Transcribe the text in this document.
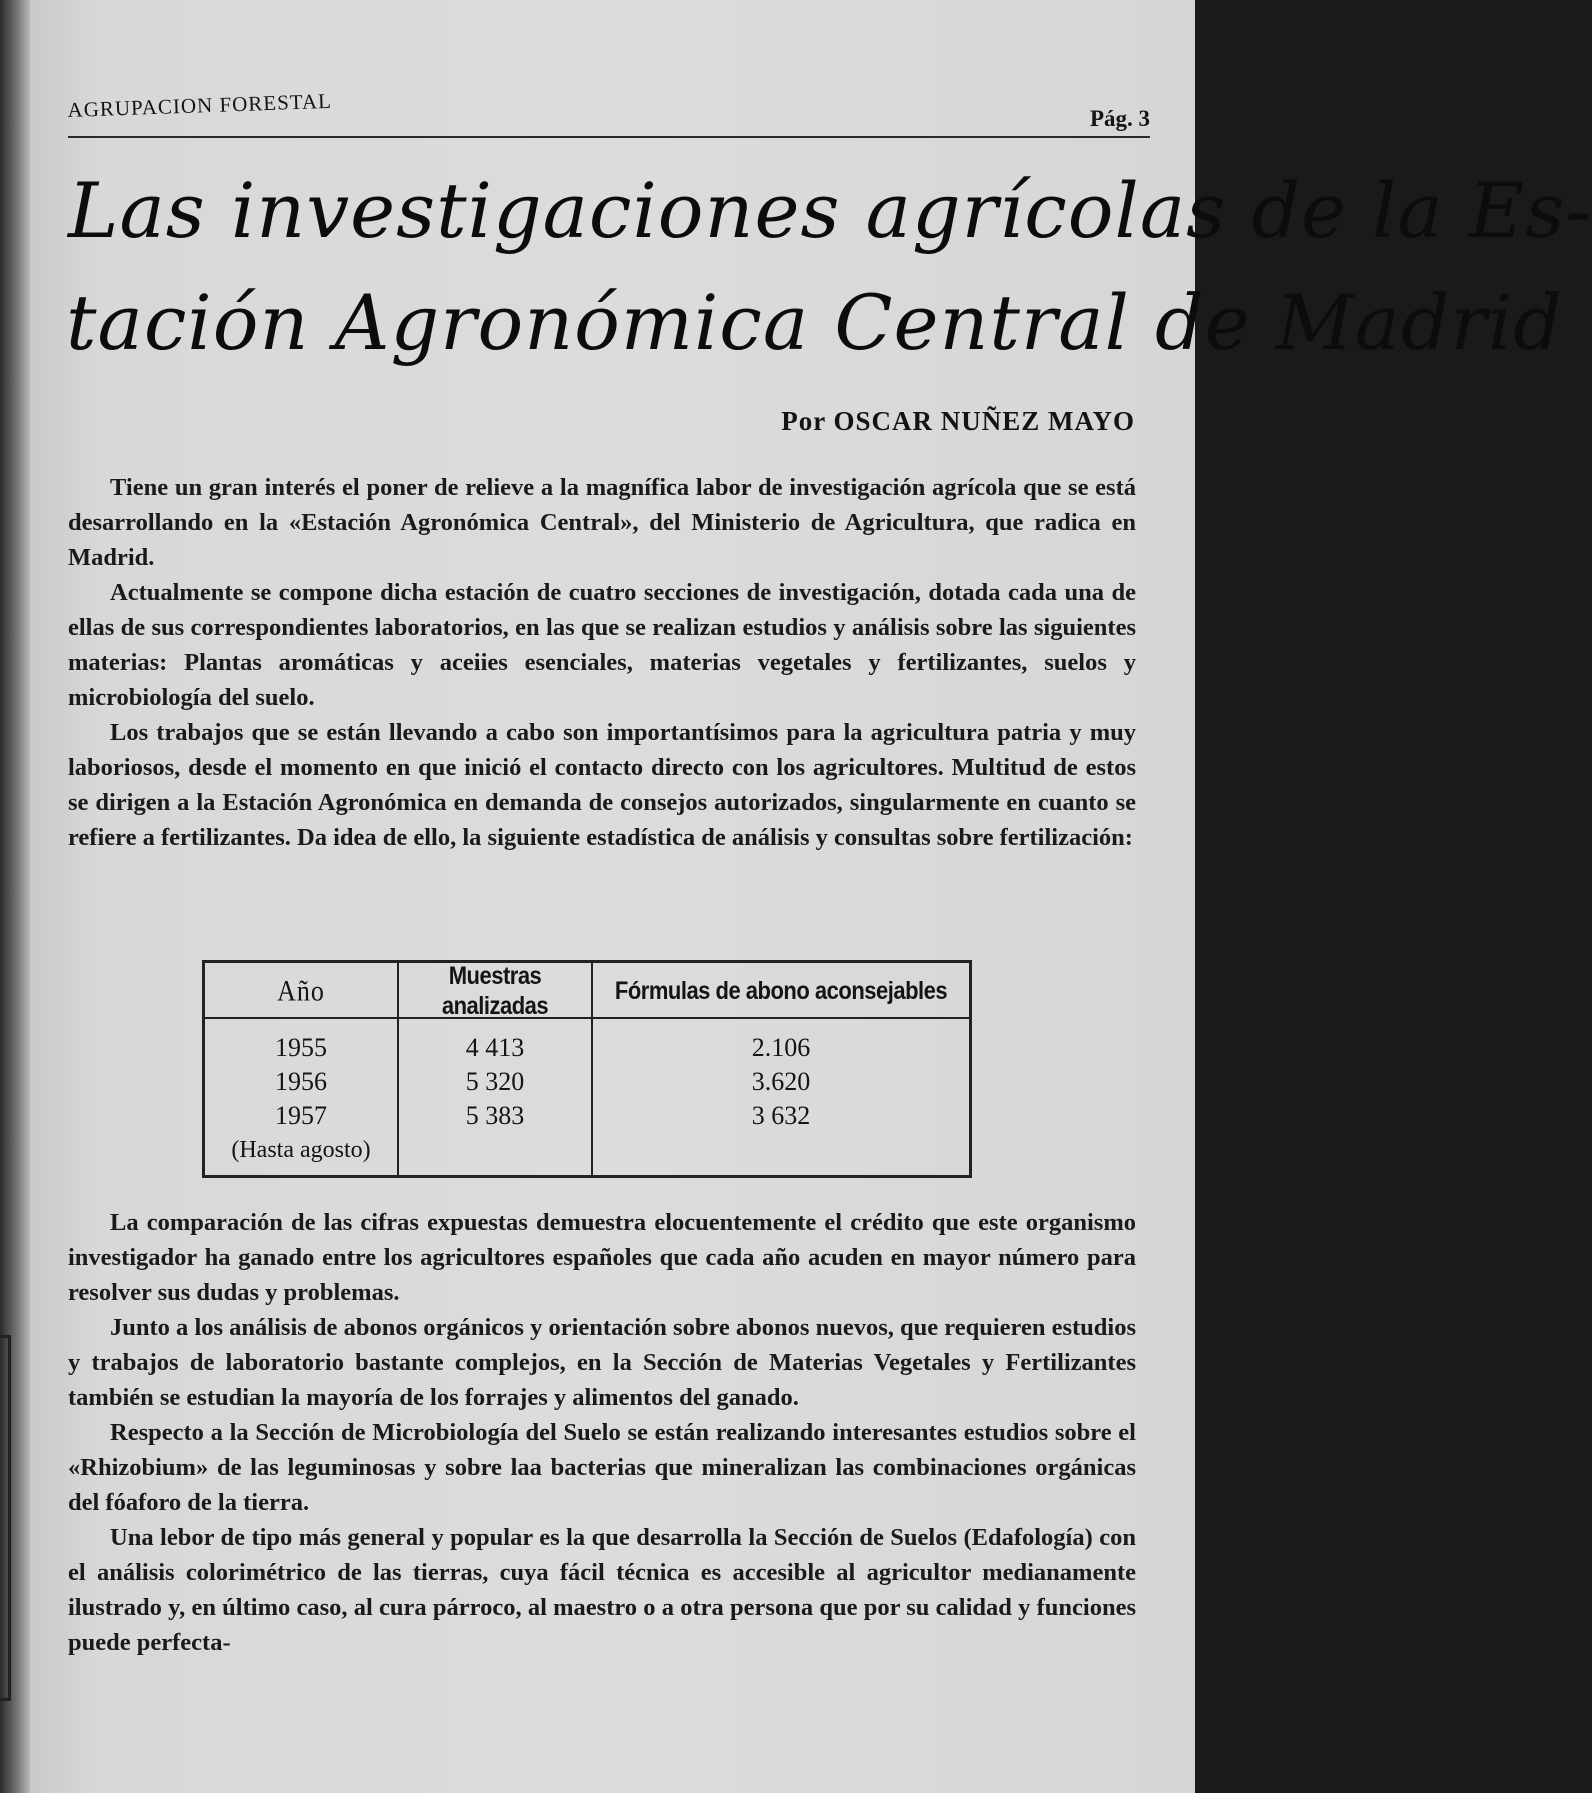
AGRUPACION FORESTAL	Pág. 3
Las investigaciones agrícolas de la Es-
tación Agronómica Central de Madrid
Por OSCAR NUÑEZ MAYO

Tiene un gran interés el poner de relieve a la magnífica labor de investigación agrícola que se está desarrollando en la «Estación Agronómica Central», del Ministerio de Agricultura, que radica en Madrid.

Actualmente se compone dicha estación de cuatro secciones de investigación, dotada cada una de ellas de sus correspondientes laboratorios, en las que se realizan estudios y análisis sobre las siguientes materias: Plantas aromáticas y aceiies esenciales, materias vegetales y fertilizantes, suelos y microbiología del suelo.

Los trabajos que se están llevando a cabo son importantísimos para la agricultura patria y muy laboriosos, desde el momento en que inició el contacto directo con los agricultores. Multitud de estos se dirigen a la Estación Agronómica en demanda de consejos autorizados, singularmente en cuanto se refiere a fertilizantes. Da idea de ello, la siguiente estadística de análisis y consultas sobre fertilización:

Año	Muestras analizadas	Fórmulas de abono aconsejables
1955	4 413	2.106
1956	5 320	3.620
1957	5 383	3 632
(Hasta agosto)		

La comparación de las cifras expuestas demuestra elocuentemente el crédito que este organismo investigador ha ganado entre los agricultores españoles que cada año acuden en mayor número para resolver sus dudas y problemas.

Junto a los análisis de abonos orgánicos y orientación sobre abonos nuevos, que requieren estudios y trabajos de laboratorio bastante complejos, en la Sección de Materias Vegetales y Fertilizantes también se estudian la mayoría de los forrajes y alimentos del ganado.

Respecto a la Sección de Microbiología del Suelo se están realizando interesantes estudios sobre el «Rhizobium» de las leguminosas y sobre laa bacterias que mineralizan las combinaciones orgánicas del fóaforo de la tierra.

Una lebor de tipo más general y popular es la que desarrolla la Sección de Suelos (Edafología) con el análisis colorimétrico de las tierras, cuya fácil técnica es accesible al agricultor medianamente ilustrado y, en último caso, al cura párroco, al maestro o a otra persona que por su calidad y funciones puede perfecta-
